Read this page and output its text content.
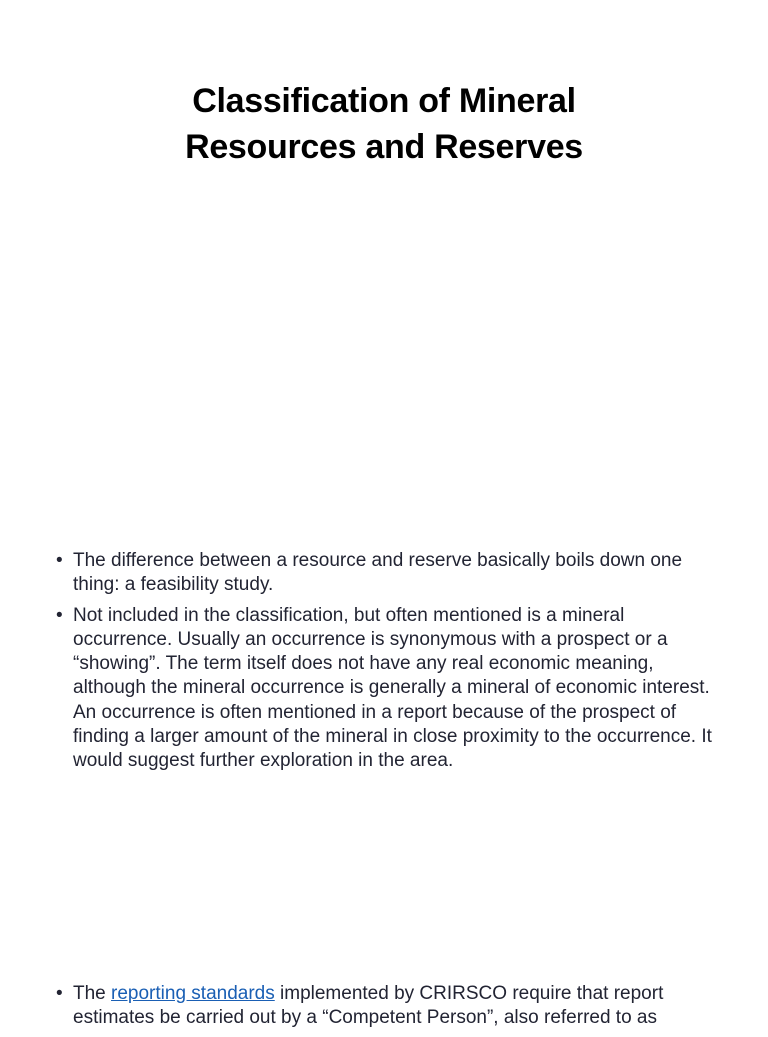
Classification of Mineral
Resources and Reserves
• The difference between a resource and reserve basically boils down one thing: a feasibility study.
• Not included in the classification, but often mentioned is a mineral occurrence. Usually an occurrence is synonymous with a prospect or a “showing”. The term itself does not have any real economic meaning, although the mineral occurrence is generally a mineral of economic interest. An occurrence is often mentioned in a report because of the prospect of finding a larger amount of the mineral in close proximity to the occurrence. It would suggest further exploration in the area.
• The reporting standards implemented by CRIRSCO require that report estimates be carried out by a “Competent Person”, also referred to as
